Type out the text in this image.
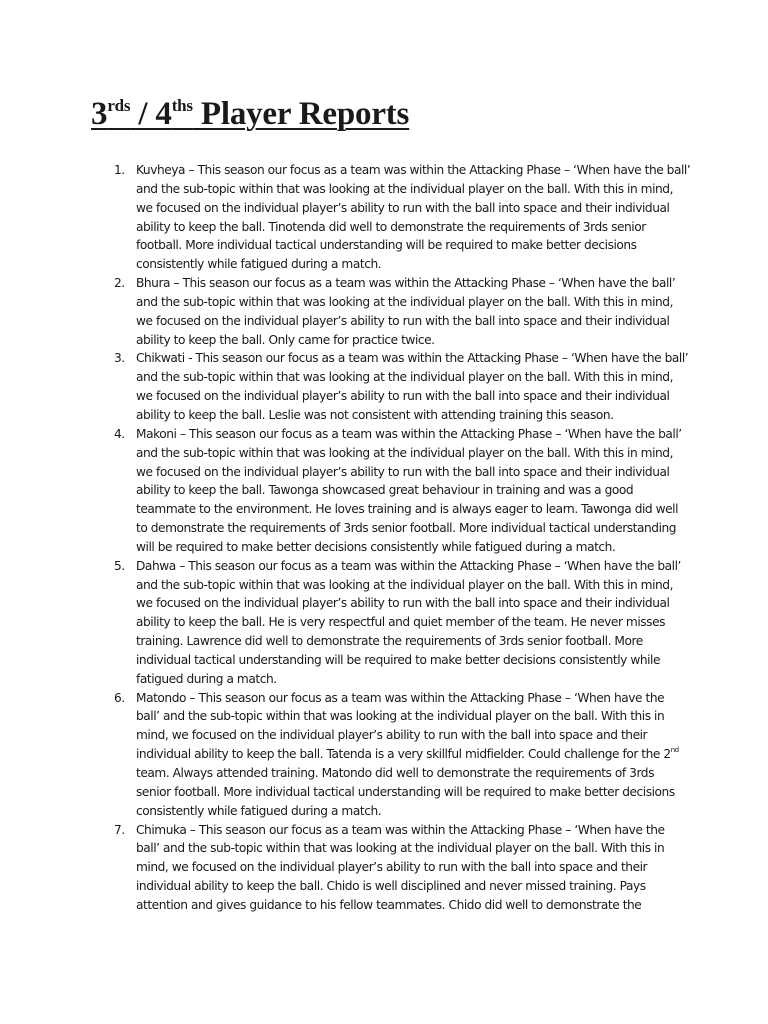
$3^{rds} / 4^{ths}$ Player Reports
1. Kuvheya – This season our focus as a team was within the Attacking Phase – ‘When have the ball’
and the sub-topic within that was looking at the individual player on the ball. With this in mind,
we focused on the individual player’s ability to run with the ball into space and their individual
ability to keep the ball. Tinotenda did well to demonstrate the requirements of 3rds senior
football. More individual tactical understanding will be required to make better decisions
consistently while fatigued during a match.
2. Bhura – This season our focus as a team was within the Attacking Phase – ‘When have the ball’
and the sub-topic within that was looking at the individual player on the ball. With this in mind,
we focused on the individual player’s ability to run with the ball into space and their individual
ability to keep the ball. Only came for practice twice.
3. Chikwati - This season our focus as a team was within the Attacking Phase – ‘When have the ball’
and the sub-topic within that was looking at the individual player on the ball. With this in mind,
we focused on the individual player’s ability to run with the ball into space and their individual
ability to keep the ball. Leslie was not consistent with attending training this season.
4. Makoni – This season our focus as a team was within the Attacking Phase – ‘When have the ball’
and the sub-topic within that was looking at the individual player on the ball. With this in mind,
we focused on the individual player’s ability to run with the ball into space and their individual
ability to keep the ball. Tawonga showcased great behaviour in training and was a good
teammate to the environment. He loves training and is always eager to learn. Tawonga did well
to demonstrate the requirements of 3rds senior football. More individual tactical understanding
will be required to make better decisions consistently while fatigued during a match.
5. Dahwa – This season our focus as a team was within the Attacking Phase – ‘When have the ball’
and the sub-topic within that was looking at the individual player on the ball. With this in mind,
we focused on the individual player’s ability to run with the ball into space and their individual
ability to keep the ball. He is very respectful and quiet member of the team. He never misses
training. Lawrence did well to demonstrate the requirements of 3rds senior football. More
individual tactical understanding will be required to make better decisions consistently while
fatigued during a match.
6. Matondo – This season our focus as a team was within the Attacking Phase – ‘When have the
ball’ and the sub-topic within that was looking at the individual player on the ball. With this in
mind, we focused on the individual player’s ability to run with the ball into space and their
individual ability to keep the ball. Tatenda is a very skillful midfielder. Could challenge for the 2nd
team. Always attended training. Matondo did well to demonstrate the requirements of 3rds
senior football. More individual tactical understanding will be required to make better decisions
consistently while fatigued during a match.
7. Chimuka – This season our focus as a team was within the Attacking Phase – ‘When have the
ball’ and the sub-topic within that was looking at the individual player on the ball. With this in
mind, we focused on the individual player’s ability to run with the ball into space and their
individual ability to keep the ball. Chido is well disciplined and never missed training. Pays
attention and gives guidance to his fellow teammates. Chido did well to demonstrate the
